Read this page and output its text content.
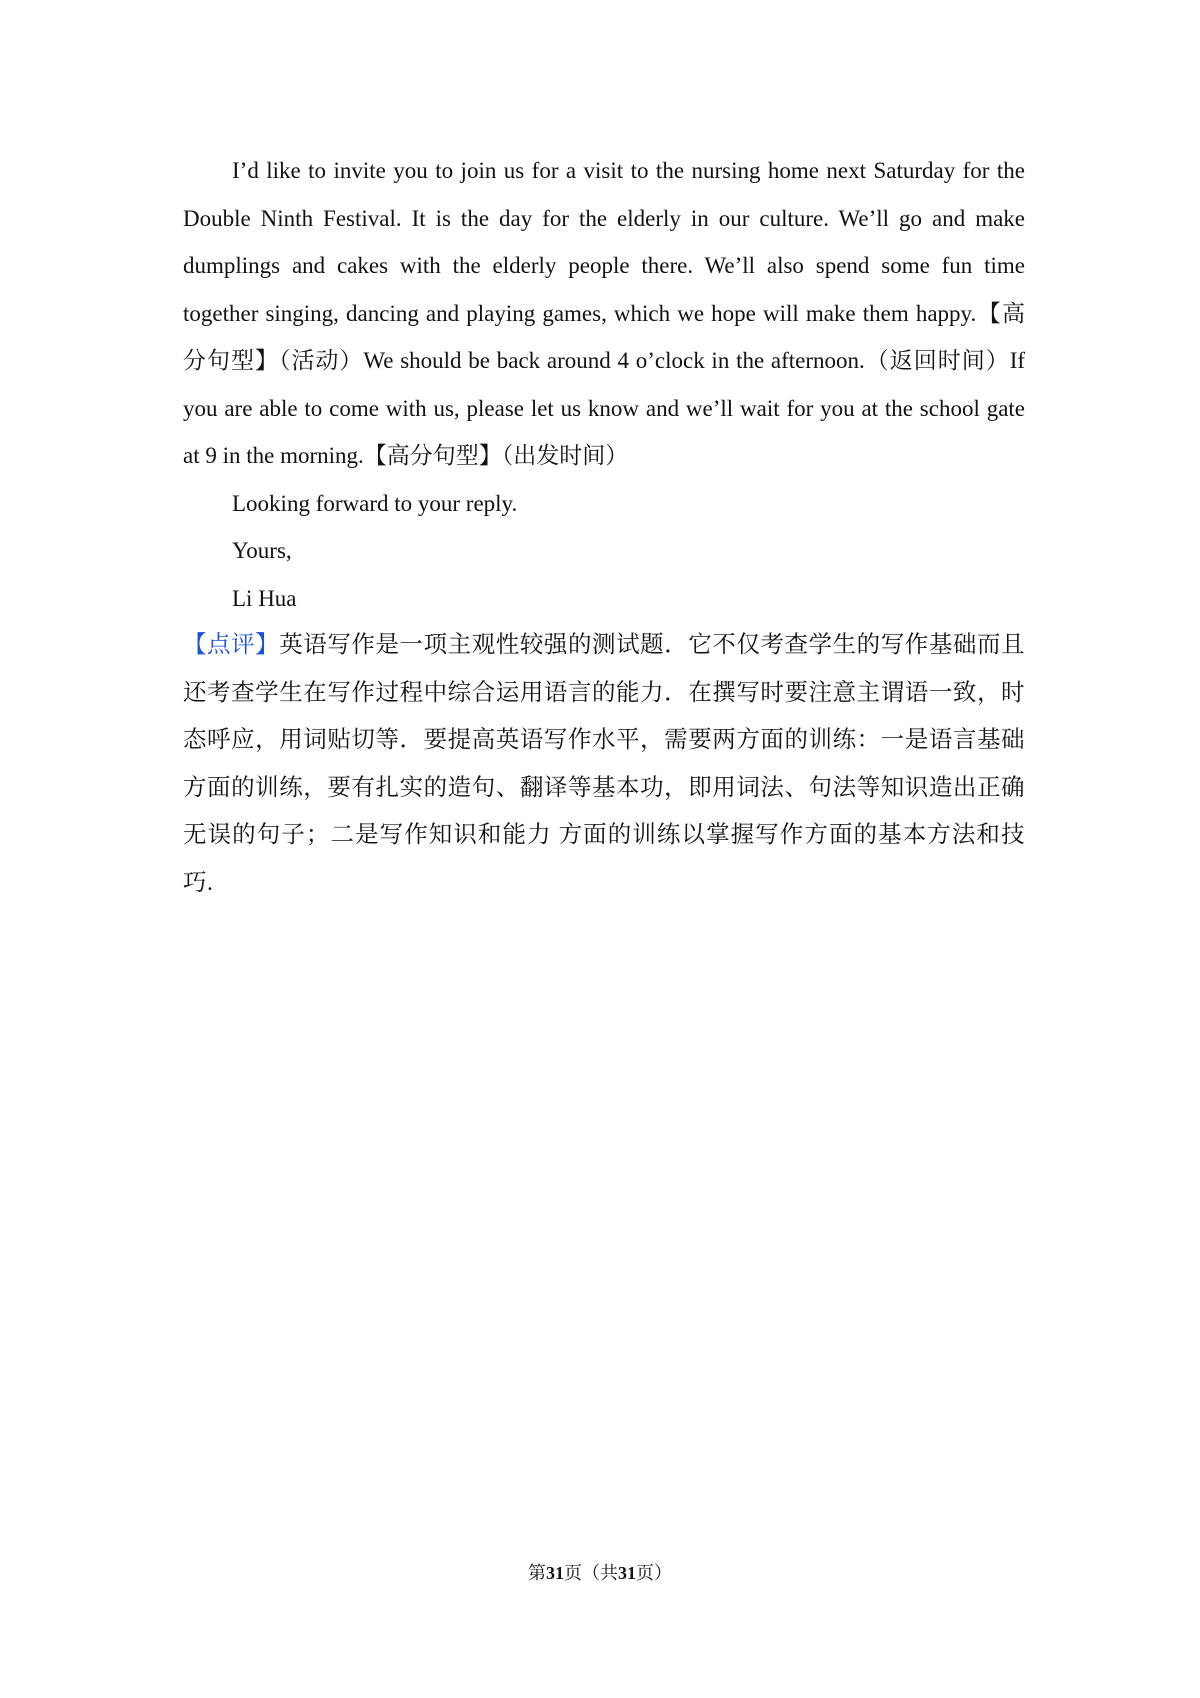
I’d like to invite you to join us for a visit to the nursing home next Saturday for the Double Ninth Festival. It is the day for the elderly in our culture. We’ll go and make dumplings and cakes with the elderly people there. We’ll also spend some fun time together singing, dancing and playing games, which we hope will make them happy.【高分句型】（活动）We should be back around 4 o’clock in the afternoon.（返回时间）If you are able to come with us, please let us know and we’ll wait for you at the school gate at 9 in the morning.【高分句型】（出发时间）

Looking forward to your reply.

Yours,

Li Hua

【点评】英语写作是一项主观性较强的测试题．它不仅考查学生的写作基础而且还考查学生在写作过程中综合运用语言的能力．在撰写时要注意主谓语一致，时态呼应，用词贴切等．要提高英语写作水平，需要两方面的训练：一是语言基础方面的训练，要有扎实的造句、翻译等基本功，即用词法、句法等知识造出正确无误的句子；二是写作知识和能力 方面的训练以掌握写作方面的基本方法和技巧.

第31页（共31页）
